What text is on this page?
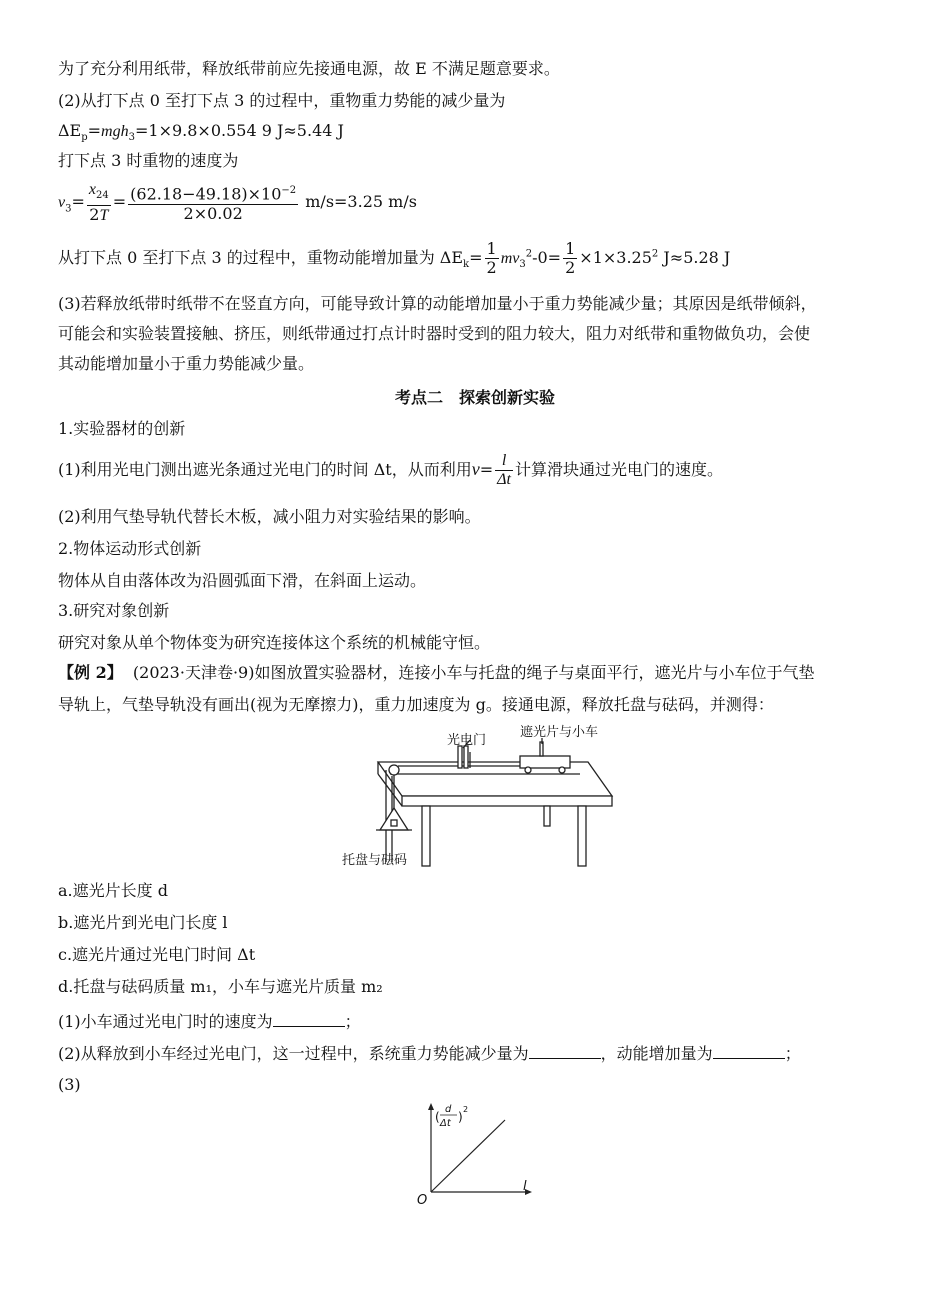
为了充分利用纸带，释放纸带前应先接通电源，故 E 不满足题意要求。
(2)从打下点 0 至打下点 3 的过程中，重物重力势能的减少量为
$\Delta E_p=mgh_3=1\times 9.8\times 0.554$ 9 J≈5.44 J
打下点 3 时重物的速度为
$v_3= \frac{x_{24}}{2T} = \frac{(62.18-49.18)\times 10^{-2}}{2\times 0.02} m/s=3.25$ m/s
从打下点 0 至打下点 3 的过程中，重物动能增加量为 $\Delta E_k= \frac{1}{2} mv_3^2-0= \frac{1}{2} \times 1\times 3.25^2$ J≈5.28 J
(3)若释放纸带时纸带不在竖直方向，可能导致计算的动能增加量小于重力势能减少量；其原因是纸带倾斜，
可能会和实验装置接触、挤压，则纸带通过打点计时器时受到的阻力较大，阻力对纸带和重物做负功，会使
其动能增加量小于重力势能减少量。
考点二　探索创新实验
1.实验器材的创新
(1)利用光电门测出遮光条通过光电门的时间 Δt，从而利用$v= \frac{l}{\Delta t}$ 计算滑块通过光电门的速度。
(2)利用气垫导轨代替长木板，减小阻力对实验结果的影响。
2.物体运动形式创新
物体从自由落体改为沿圆弧面下滑，在斜面上运动。
3.研究对象创新
研究对象从单个物体变为研究连接体这个系统的机械能守恒。
【例 2】 (2023·天津卷·9)如图放置实验器材，连接小车与托盘的绳子与桌面平行，遮光片与小车位于气垫
导轨上，气垫导轨没有画出(视为无摩擦力)，重力加速度为 g。接通电源，释放托盘与砝码，并测得：
光电门
遮光片与小车
托盘与砝码
a.遮光片长度 d
b.遮光片到光电门长度 l
c.遮光片通过光电门时间 Δt
d.托盘与砝码质量 m₁，小车与遮光片质量 m₂
(1)小车通过光电门时的速度为	；
(2)从释放到小车经过光电门，这一过程中，系统重力势能减少量为	，动能增加量为	；
(3)
O
l
d
Δt
( )
2
